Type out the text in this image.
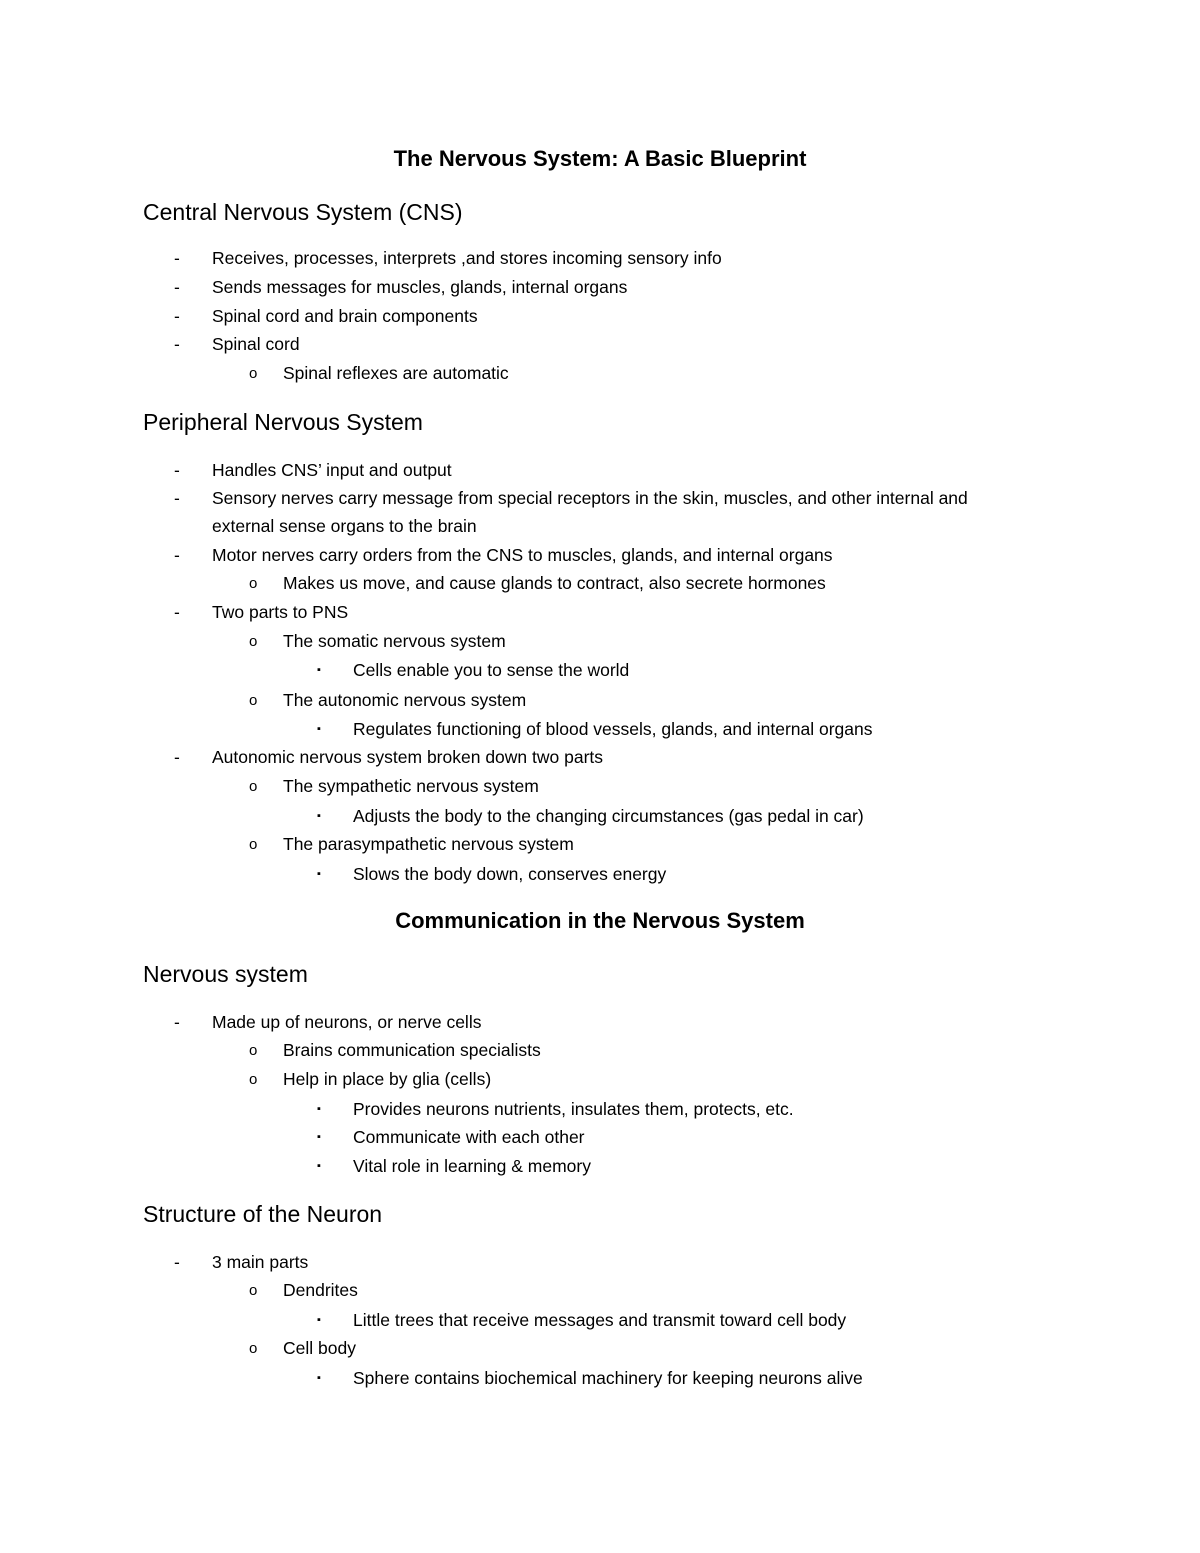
The Nervous System: A Basic Blueprint
Central Nervous System (CNS)
- Receives, processes, interprets ,and stores incoming sensory info
- Sends messages for muscles, glands, internal organs
- Spinal cord and brain components
- Spinal cord
o Spinal reflexes are automatic
Peripheral Nervous System
- Handles CNS’ input and output
- Sensory nerves carry message from special receptors in the skin, muscles, and other internal and
external sense organs to the brain
- Motor nerves carry orders from the CNS to muscles, glands, and internal organs
o Makes us move, and cause glands to contract, also secrete hormones
- Two parts to PNS
o The somatic nervous system
▪ Cells enable you to sense the world
o The autonomic nervous system
▪ Regulates functioning of blood vessels, glands, and internal organs
- Autonomic nervous system broken down two parts
o The sympathetic nervous system
▪ Adjusts the body to the changing circumstances (gas pedal in car)
o The parasympathetic nervous system
▪ Slows the body down, conserves energy
Communication in the Nervous System
Nervous system
- Made up of neurons, or nerve cells
o Brains communication specialists
o Help in place by glia (cells)
▪ Provides neurons nutrients, insulates them, protects, etc.
▪ Communicate with each other
▪ Vital role in learning & memory
Structure of the Neuron
- 3 main parts
o Dendrites
▪ Little trees that receive messages and transmit toward cell body
o Cell body
▪ Sphere contains biochemical machinery for keeping neurons alive
